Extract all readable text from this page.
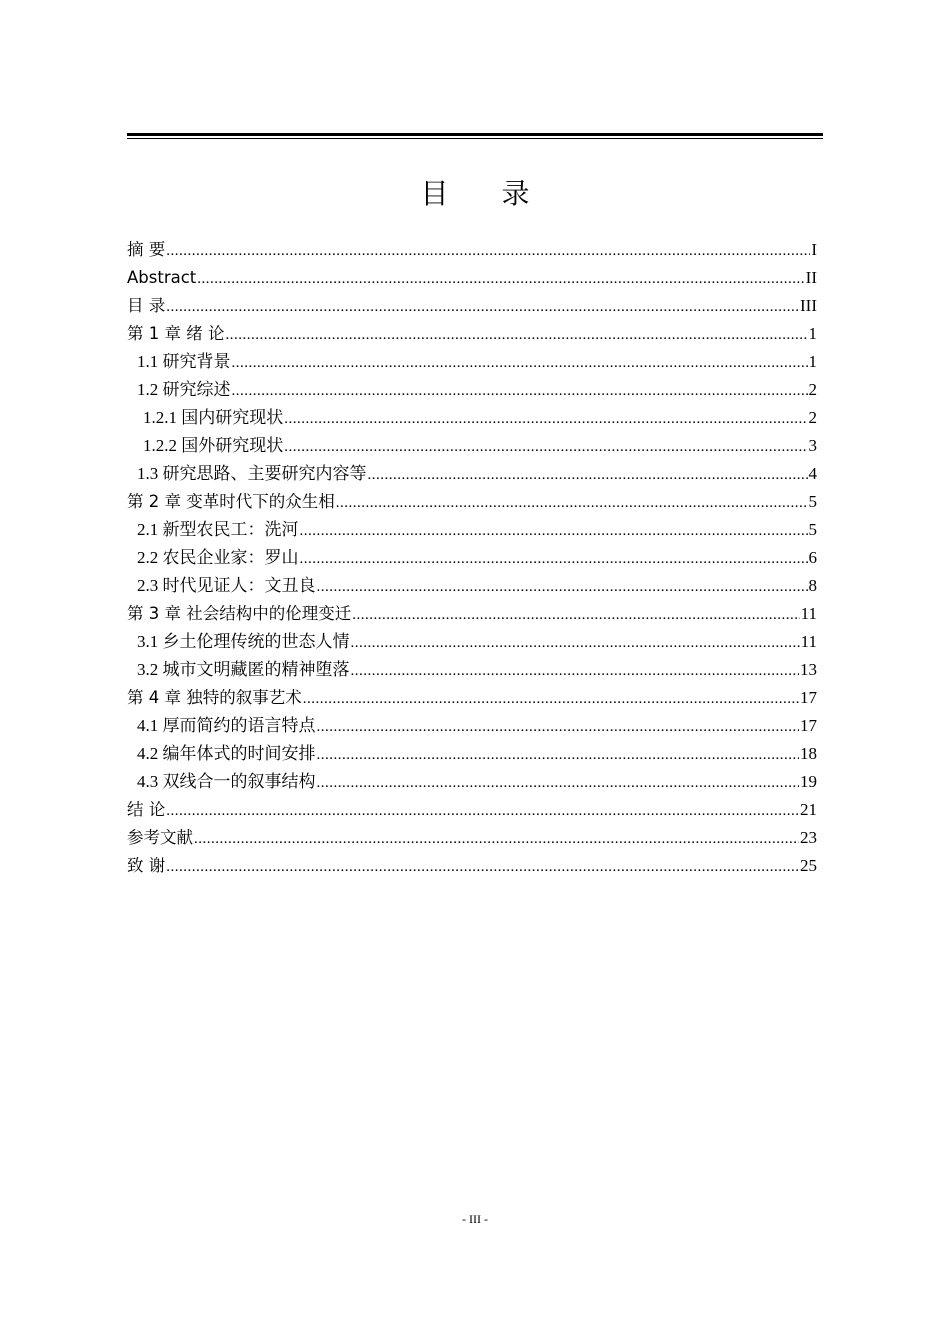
目 录
摘 要 .....	I
Abstract .....	II
目 录 .....	III
第 1 章 绪 论 .....	1
1.1 研究背景 .....	1
1.2 研究综述 .....	2
1.2.1 国内研究现状 .....	2
1.2.2 国外研究现状 .....	3
1.3 研究思路、主要研究内容等 .....	4
第 2 章 变革时代下的众生相 .....	5
2.1 新型农民工：洗河 .....	5
2.2 农民企业家：罗山 .....	6
2.3 时代见证人：文丑良 .....	8
第 3 章 社会结构中的伦理变迁 .....	11
3.1 乡土伦理传统的世态人情 .....	11
3.2 城市文明藏匿的精神堕落 .....	13
第 4 章 独特的叙事艺术 .....	17
4.1 厚而简约的语言特点 .....	17
4.2 编年体式的时间安排 .....	18
4.3 双线合一的叙事结构 .....	19
结 论 .....	21
参考文献 .....	23
致 谢 .....	25
- III -
